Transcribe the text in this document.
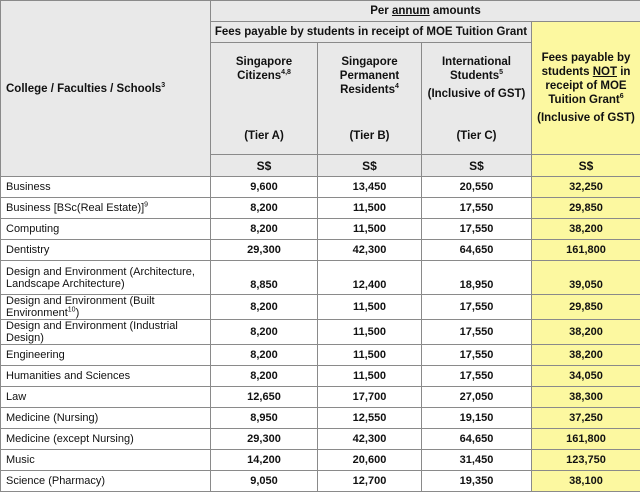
College / Faculties / Schools$^3$	Per annum amounts			
	Fees payable by students in receipt of MOE Tuition Grant			Fees payable by
students NOT in
receipt of MOE
Tuition Grant$^6$
(Inclusive of GST)

	Singapore
Citizens$^{4,8}$
(Tier A)	Singapore
Permanent
Residents$^4$
(Tier B)	International
Students$^5$
(Inclusive of GST)
(Tier C)	

	S$	S$	S$	S$
Business	9,600	13,450	20,550	32,250
Business [BSc(Real Estate)]$^9$	8,200	11,500	17,550	29,850
Computing	8,200	11,500	17,550	38,200
Dentistry	29,300	42,300	64,650	161,800
Design and Environment (Architecture,
Landscape Architecture)	8,850	12,400	18,950	39,050
Design and Environment (Built Environment$^{10}$)	8,200	11,500	17,550	29,850
Design and Environment (Industrial Design)	8,200	11,500	17,550	38,200
Engineering	8,200	11,500	17,550	38,200
Humanities and Sciences	8,200	11,500	17,550	34,050
Law	12,650	17,700	27,050	38,300
Medicine (Nursing)	8,950	12,550	19,150	37,250
Medicine (except Nursing)	29,300	42,300	64,650	161,800
Music	14,200	20,600	31,450	123,750
Science (Pharmacy)	9,050	12,700	19,350	38,100
